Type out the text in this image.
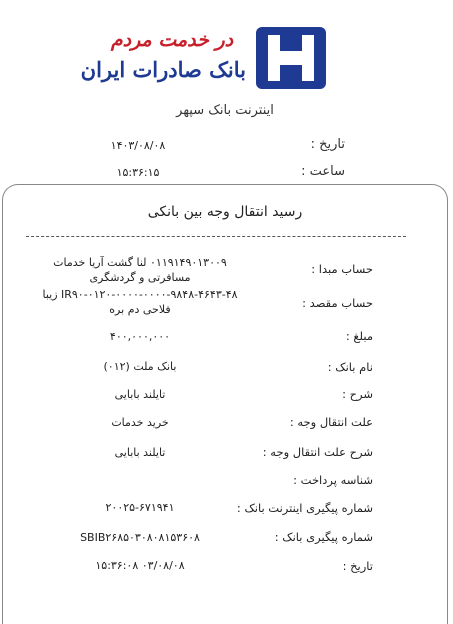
در خدمت مردم
بانک صادرات ایران
اینترنت بانک سپهر
تاریخ :
۱۴۰۳/۰۸/۰۸
ساعت :
۱۵:۳۶:۱۵
رسید انتقال وجه بین بانکی
حساب مبدا :
۰۱۱۹۱۴۹۰۱۳۰۰۹ لنا گشت آریا خدمات مسافرتی و گردشگری
حساب مقصد :
IR۹۰-۰۱۲۰-۰۰۰۰-۰۰۰۰-۹۸۴۸-۴۶۴۳-۴۸ زیبا فلاحی دم بره
مبلغ :
۴۰۰,۰۰۰,۰۰۰
نام بانک :
بانک ملت (۰۱۲)
شرح :
تایلند بابایی
علت انتقال وجه :
خرید خدمات
شرح علت انتقال وجه :
تایلند بابایی
شناسه پرداخت :
شماره پیگیری اینترنت بانک :
۲۰۰۲۵-۶۷۱۹۴۱
شماره پیگیری بانک :
SBIB۲۶۸۵۰۳۰۸۰۸۱۵۳۶۰۸
تاریخ :
۰۳/۰۸/۰۸ ۱۵:۳۶:۰۸
